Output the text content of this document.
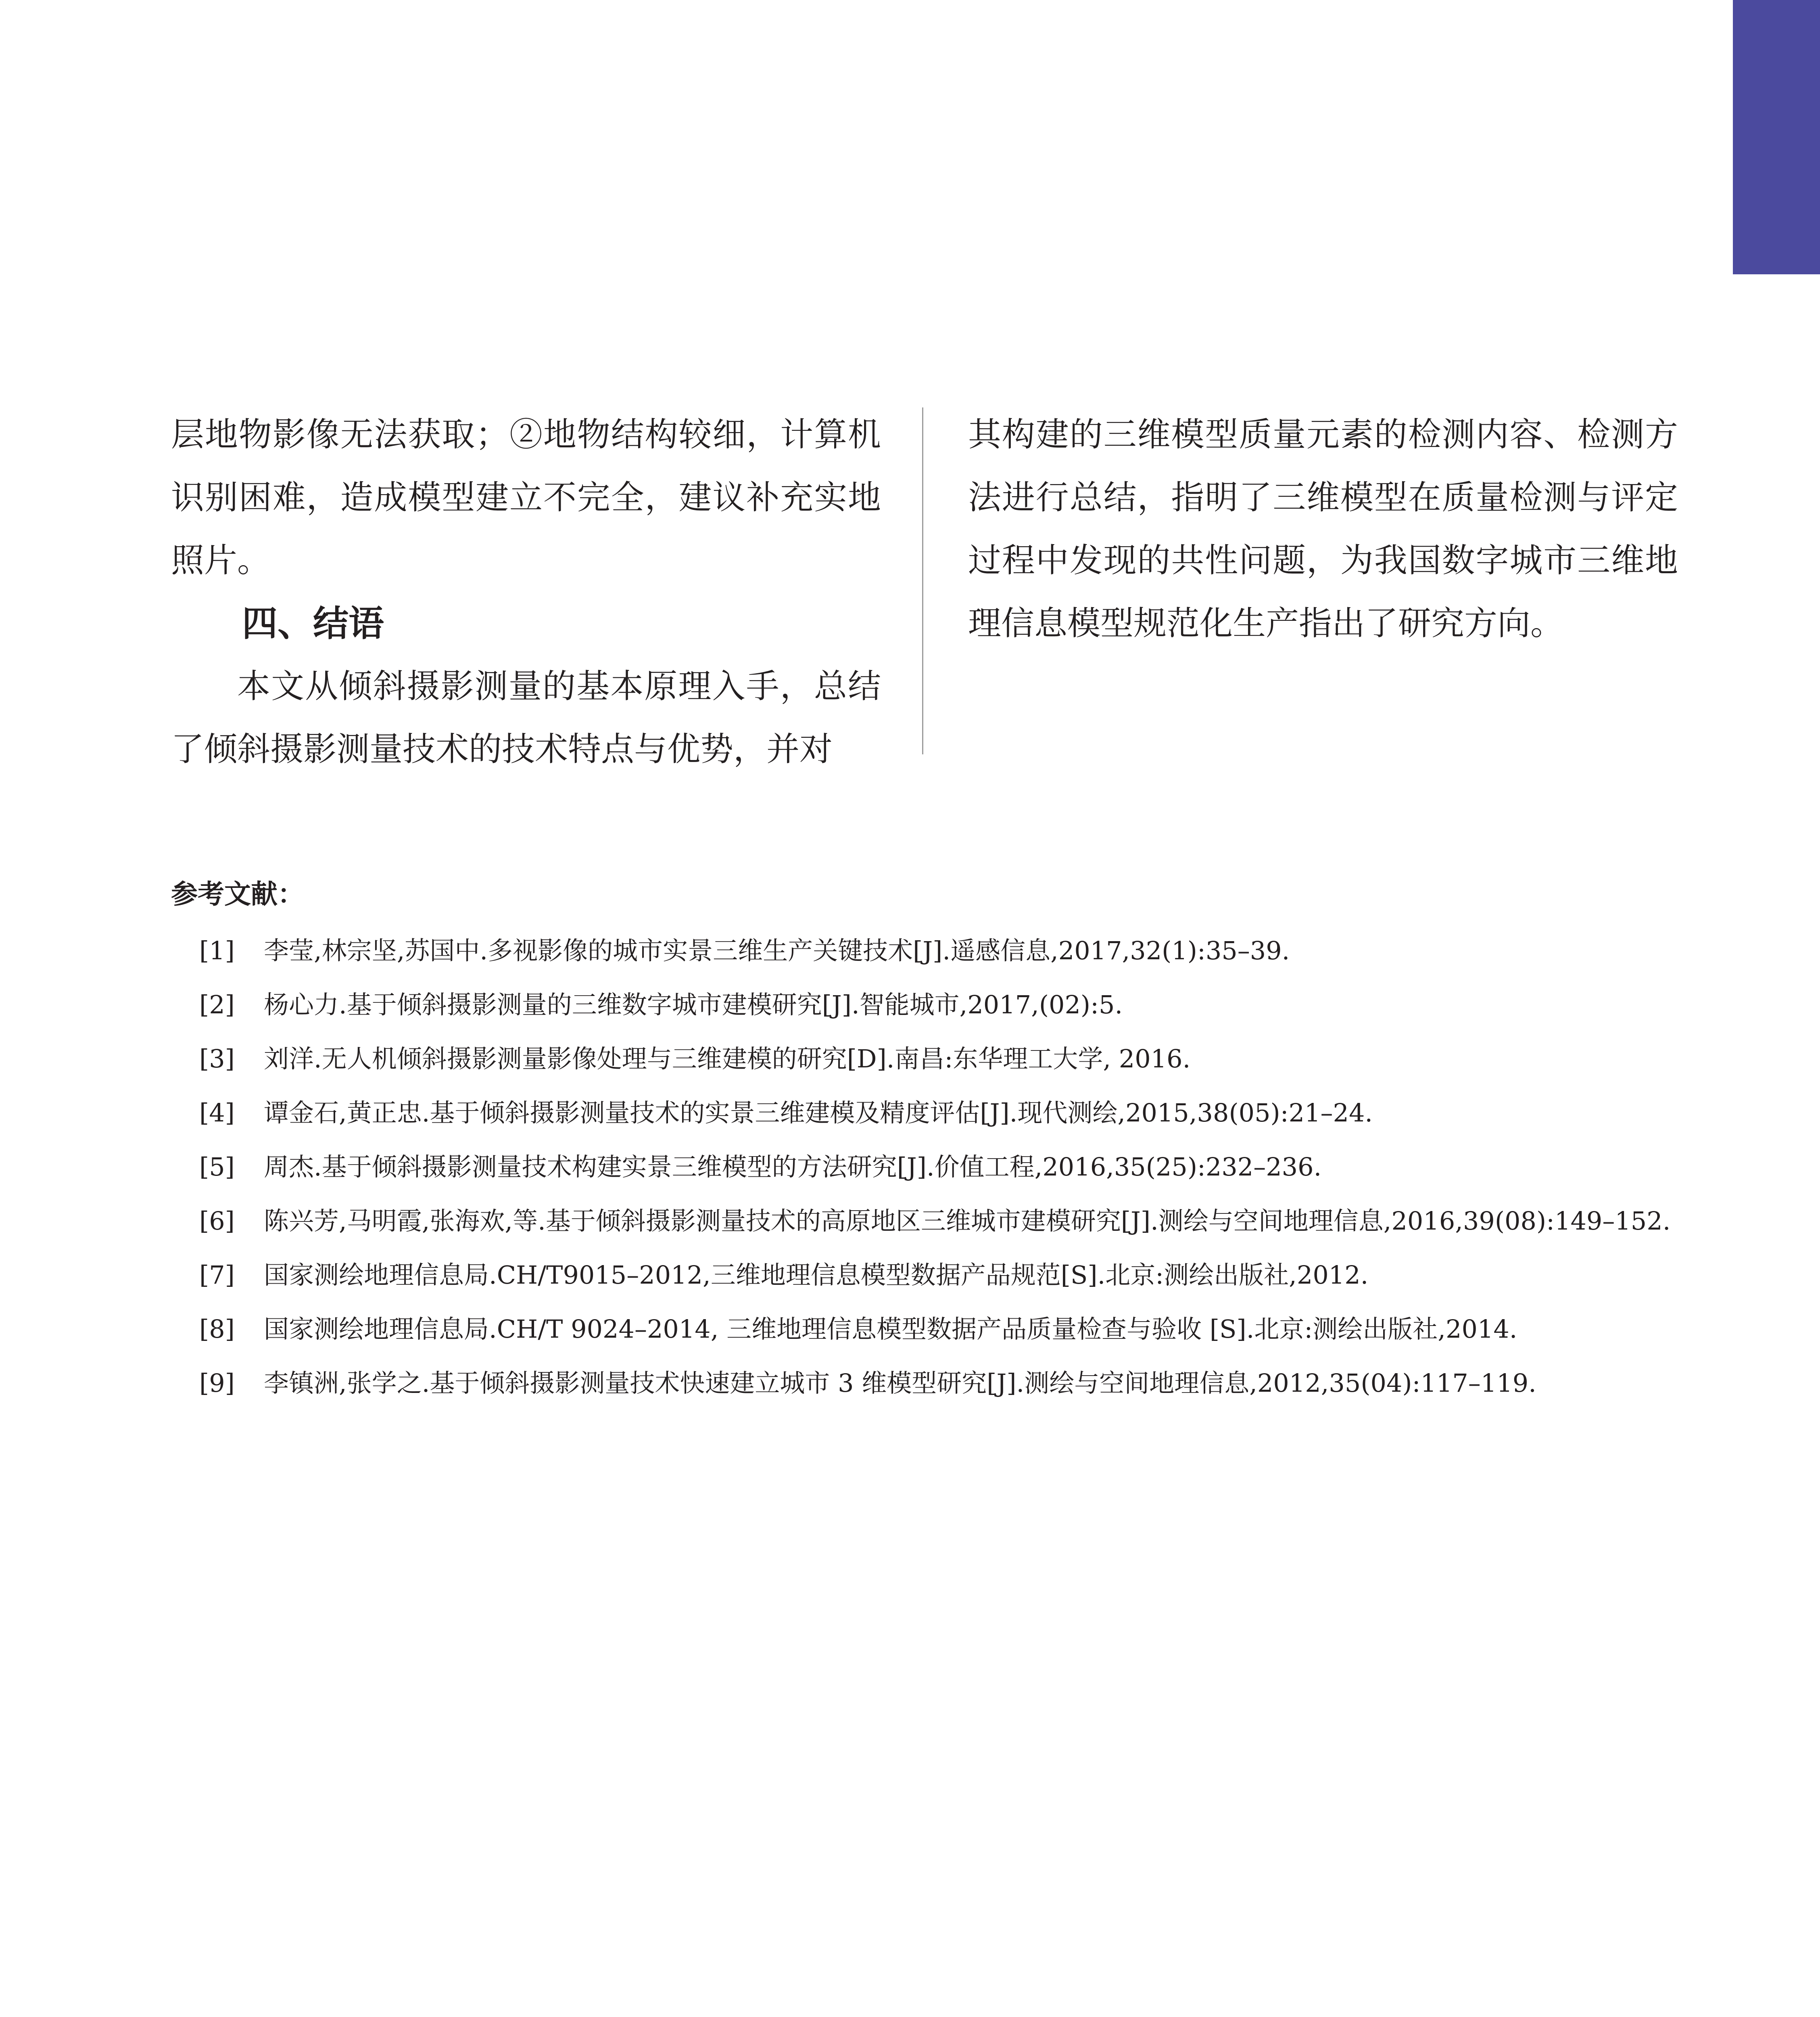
层地物影像无法获取；②地物结构较细，计算机识别困难，造成模型建立不完全，建议补充实地照片。

四、结语

本文从倾斜摄影测量的基本原理入手，总结了倾斜摄影测量技术的技术特点与优势，并对

其构建的三维模型质量元素的检测内容、检测方法进行总结，指明了三维模型在质量检测与评定过程中发现的共性问题，为我国数字城市三维地理信息模型规范化生产指出了研究方向。

参考文献：

[1] 李莹,林宗坚,苏国中.多视影像的城市实景三维生产关键技术[J].遥感信息,2017,32(1):35–39.

[2] 杨心力.基于倾斜摄影测量的三维数字城市建模研究[J].智能城市,2017,(02):5.

[3] 刘洋.无人机倾斜摄影测量影像处理与三维建模的研究[D].南昌:东华理工大学, 2016.

[4] 谭金石,黄正忠.基于倾斜摄影测量技术的实景三维建模及精度评估[J].现代测绘,2015,38(05):21–24.

[5] 周杰.基于倾斜摄影测量技术构建实景三维模型的方法研究[J].价值工程,2016,35(25):232–236.

[6] 陈兴芳,马明霞,张海欢,等.基于倾斜摄影测量技术的高原地区三维城市建模研究[J].测绘与空间地理信息,2016,39(08):149–152.

[7] 国家测绘地理信息局.CH/T9015–2012,三维地理信息模型数据产品规范[S].北京:测绘出版社,2012.

[8] 国家测绘地理信息局.CH/T 9024–2014, 三维地理信息模型数据产品质量检查与验收 [S].北京:测绘出版社,2014.

[9] 李镇洲,张学之.基于倾斜摄影测量技术快速建立城市 3 维模型研究[J].测绘与空间地理信息,2012,35(04):117–119.
